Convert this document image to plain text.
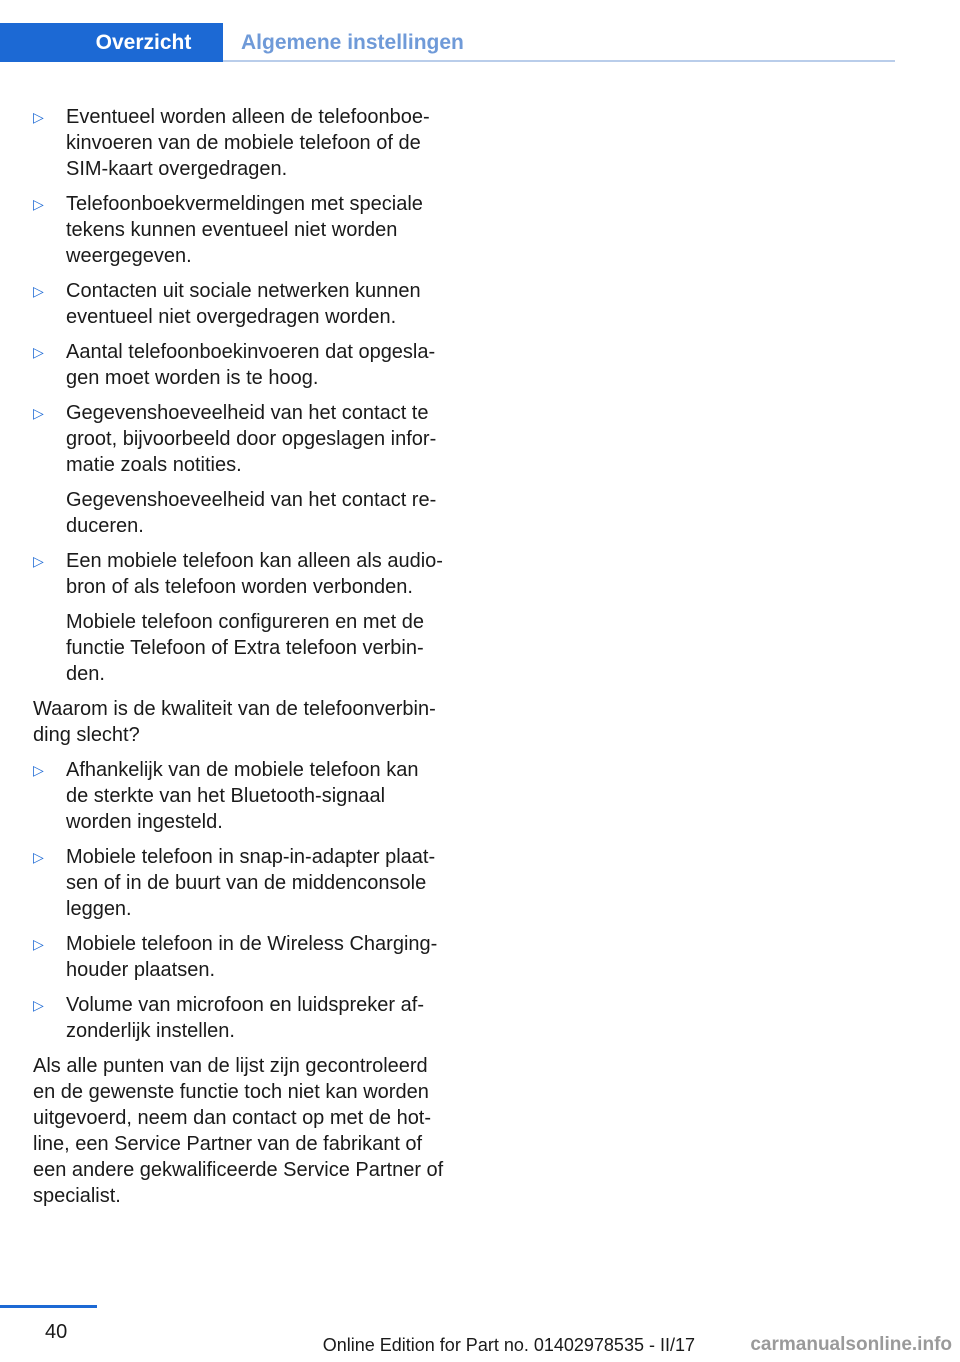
Overzicht Algemene instellingen
▷ Eventueel worden alleen de telefoonboekinvoeren van de mobiele telefoon of de SIM-kaart overgedragen.

▷ Telefoonboekvermeldingen met speciale tekens kunnen eventueel niet worden weergegeven.

▷ Contacten uit sociale netwerken kunnen eventueel niet overgedragen worden.

▷ Aantal telefoonboekinvoeren dat opgeslagen moet worden is te hoog.

▷ Gegevenshoeveelheid van het contact te groot, bijvoorbeeld door opgeslagen informatie zoals notities.

Gegevenshoeveelheid van het contact reduceren.

▷ Een mobiele telefoon kan alleen als audiobron of als telefoon worden verbonden.

Mobiele telefoon configureren en met de functie Telefoon of Extra telefoon verbinden.

Waarom is de kwaliteit van de telefoonverbinding slecht?

▷ Afhankelijk van de mobiele telefoon kan de sterkte van het Bluetooth-signaal worden ingesteld.

▷ Mobiele telefoon in snap-in-adapter plaatsen of in de buurt van de middenconsole leggen.

▷ Mobiele telefoon in de Wireless Charging-houder plaatsen.

▷ Volume van microfoon en luidspreker afzonderlijk instellen.

Als alle punten van de lijst zijn gecontroleerd en de gewenste functie toch niet kan worden uitgevoerd, neem dan contact op met de hotline, een Service Partner van de fabrikant of een andere gekwalificeerde Service Partner of specialist.

40
Online Edition for Part no. 01402978535 - II/17	carmanualsonline.info
